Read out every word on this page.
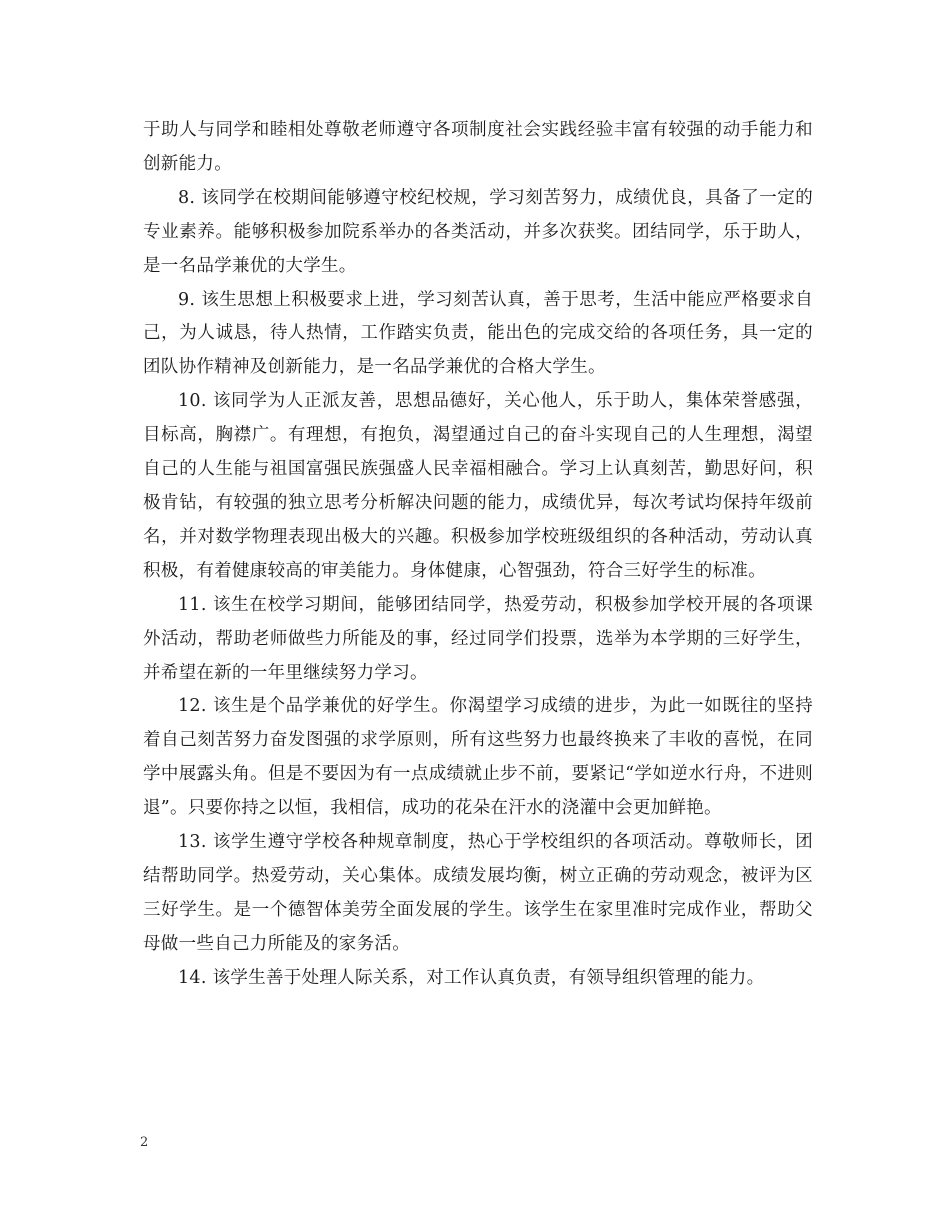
于助人与同学和睦相处尊敬老师遵守各项制度社会实践经验丰富有较强的动手能力和创新能力。

8. 该同学在校期间能够遵守校纪校规，学习刻苦努力，成绩优良，具备了一定的专业素养。能够积极参加院系举办的各类活动，并多次获奖。团结同学，乐于助人，是一名品学兼优的大学生。

9. 该生思想上积极要求上进，学习刻苦认真，善于思考，生活中能应严格要求自己，为人诚恳，待人热情，工作踏实负责，能出色的完成交给的各项任务，具一定的团队协作精神及创新能力，是一名品学兼优的合格大学生。

10. 该同学为人正派友善，思想品德好，关心他人，乐于助人，集体荣誉感强，目标高，胸襟广。有理想，有抱负，渴望通过自己的奋斗实现自己的人生理想，渴望自己的人生能与祖国富强民族强盛人民幸福相融合。学习上认真刻苦，勤思好问，积极肯钻，有较强的独立思考分析解决问题的能力，成绩优异，每次考试均保持年级前 名，并对数学物理表现出极大的兴趣。积极参加学校班级组织的各种活动，劳动认真积极，有着健康较高的审美能力。身体健康，心智强劲，符合三好学生的标准。

11. 该生在校学习期间，能够团结同学，热爱劳动，积极参加学校开展的各项课外活动，帮助老师做些力所能及的事，经过同学们投票，选举为本学期的三好学生，并希望在新的一年里继续努力学习。

12. 该生是个品学兼优的好学生。你渴望学习成绩的进步，为此一如既往的坚持着自己刻苦努力奋发图强的求学原则，所有这些努力也最终换来了丰收的喜悦，在同学中展露头角。但是不要因为有一点成绩就止步不前，要紧记“学如逆水行舟，不进则退”。只要你持之以恒，我相信，成功的花朵在汗水的浇灌中会更加鲜艳。

13. 该学生遵守学校各种规章制度，热心于学校组织的各项活动。尊敬师长，团结帮助同学。热爱劳动，关心集体。成绩发展均衡，树立正确的劳动观念，被评为区三好学生。是一个德智体美劳全面发展的学生。该学生在家里准时完成作业，帮助父母做一些自己力所能及的家务活。

14. 该学生善于处理人际关系，对工作认真负责，有领导组织管理的能力。

2
